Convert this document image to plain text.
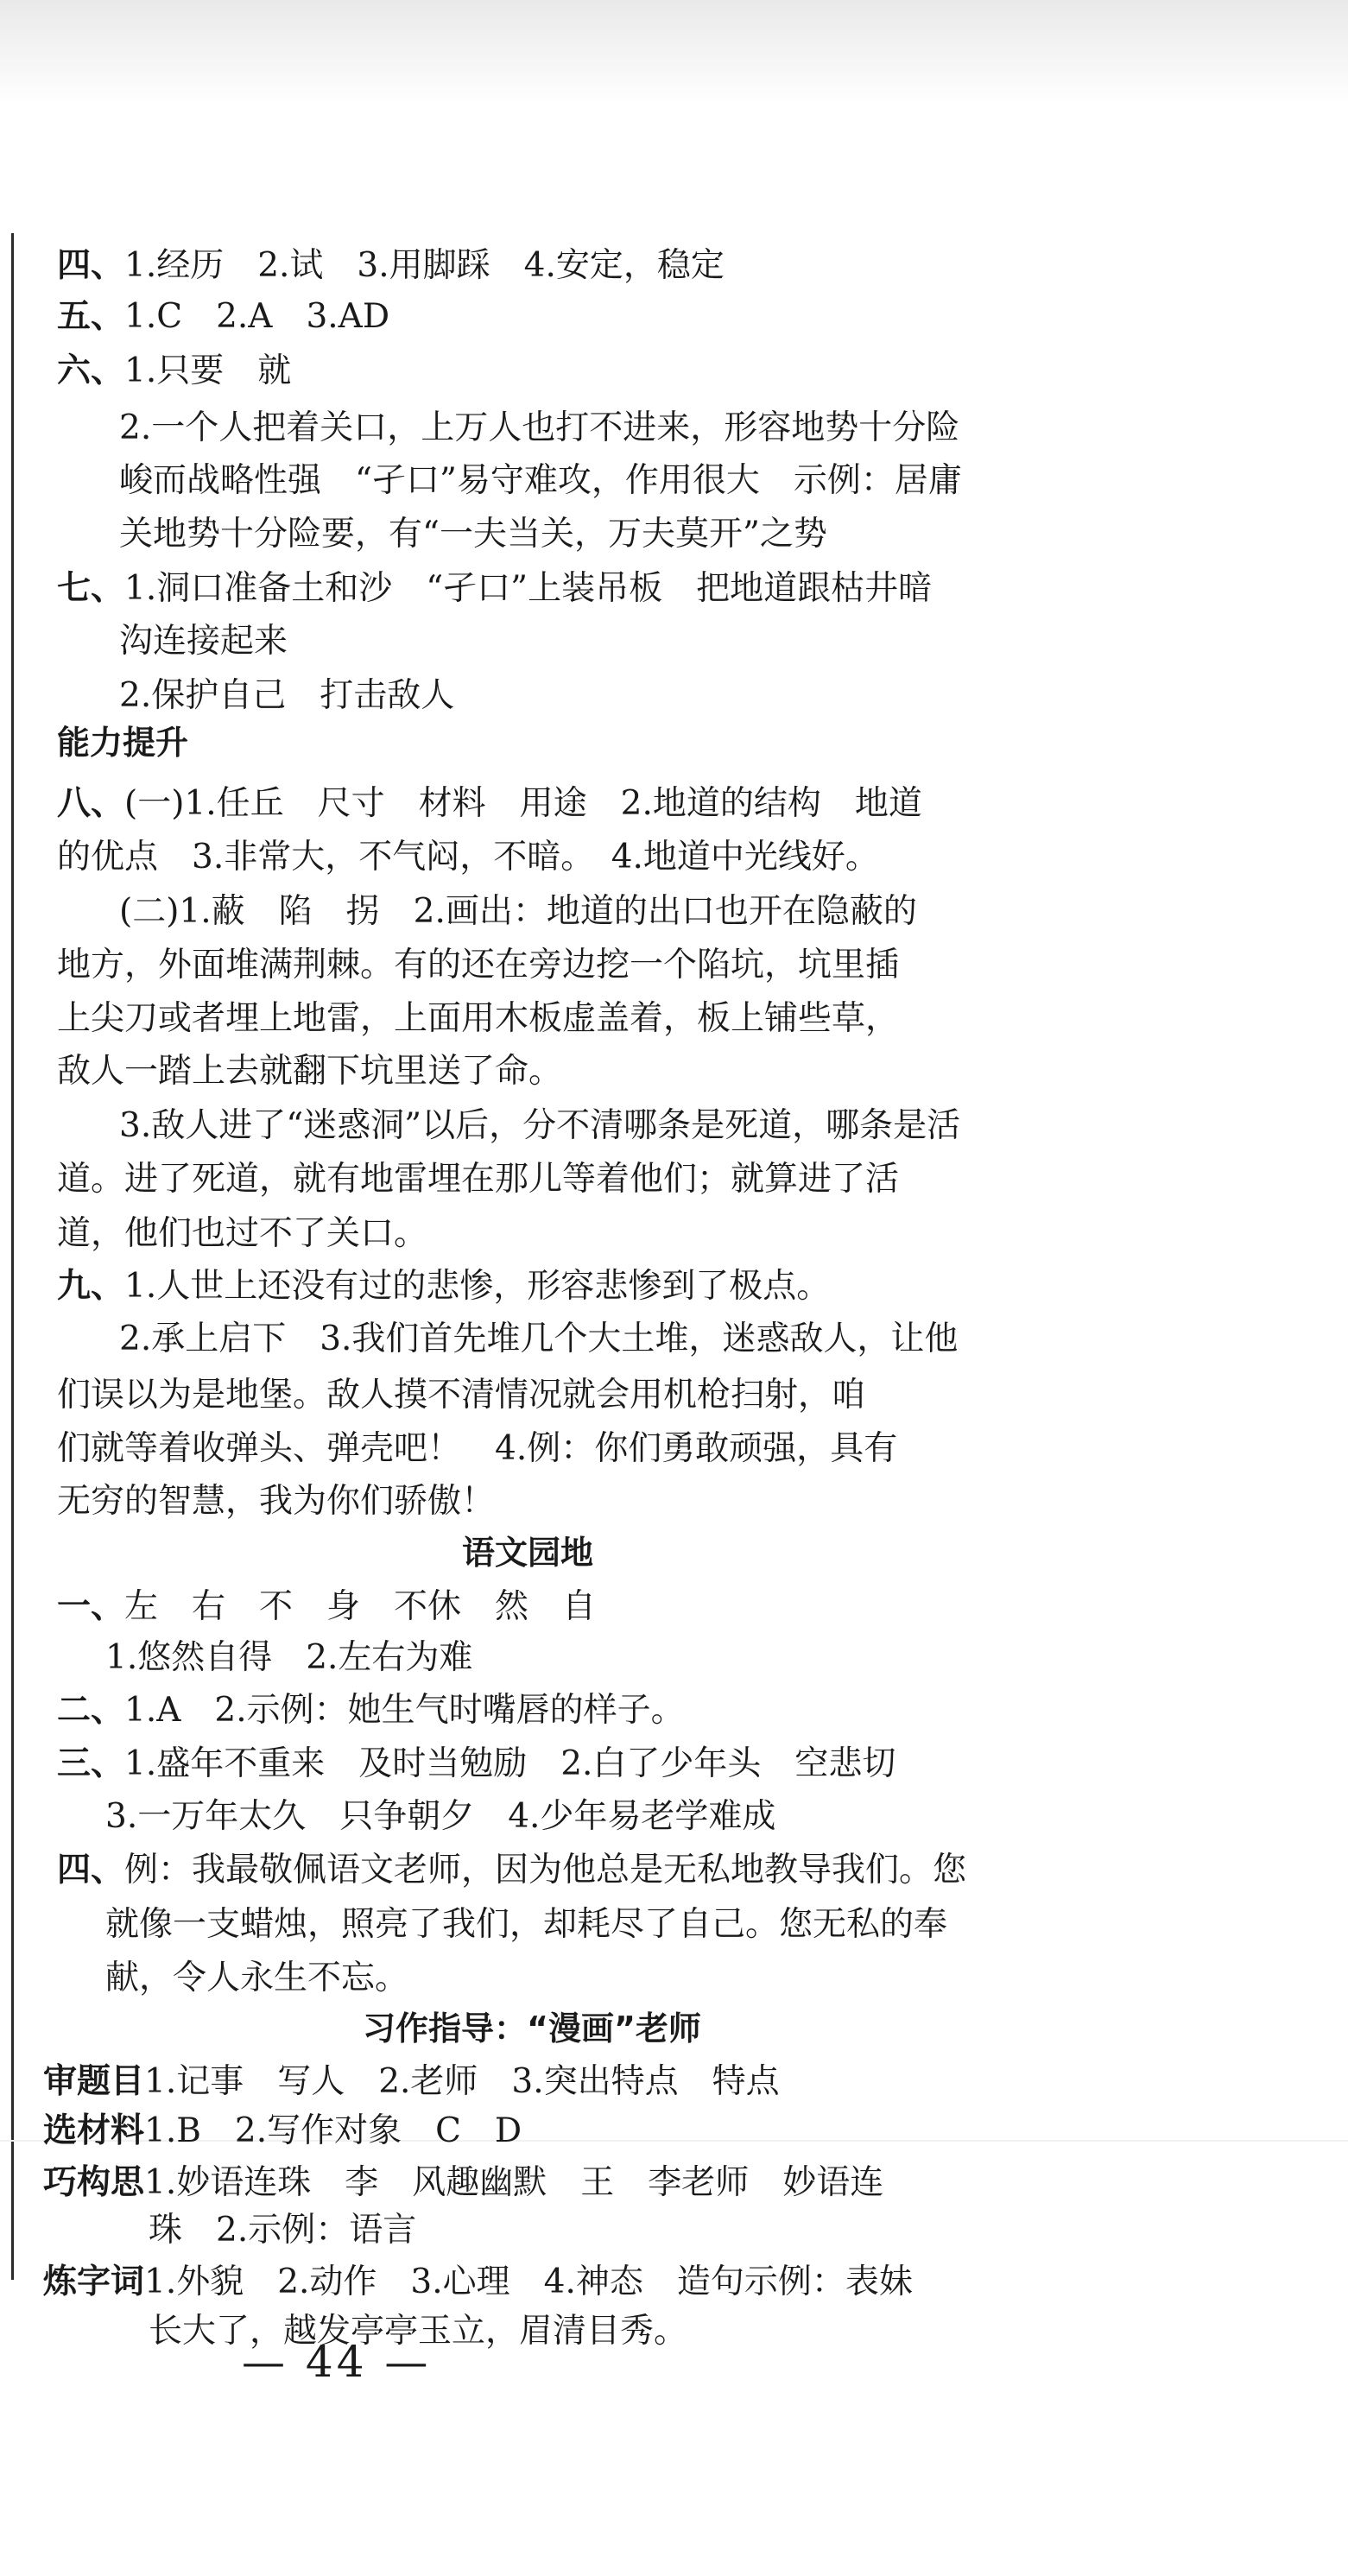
四、1.经历　2.试　3.用脚踩　4.安定，稳定
五、1.C　2.A　3.AD
六、1.只要　就
2.一个人把着关口，上万人也打不进来，形容地势十分险
峻而战略性强　“孑口”易守难攻，作用很大　示例：居庸
关地势十分险要，有“一夫当关，万夫莫开”之势
七、1.洞口准备土和沙　“孑口”上装吊板　把地道跟枯井暗
沟连接起来
2.保护自己　打击敌人
能力提升
八、(一)1.任丘　尺寸　材料　用途　2.地道的结构　地道
的优点　3.非常大，不气闷，不暗。　4.地道中光线好。
(二)1.蔽　陷　拐　2.画出：地道的出口也开在隐蔽的
地方，外面堆满荆棘。有的还在旁边挖一个陷坑，坑里插
上尖刀或者埋上地雷，上面用木板虚盖着，板上铺些草，
敌人一踏上去就翻下坑里送了命。
3.敌人进了“迷惑洞”以后，分不清哪条是死道，哪条是活
道。进了死道，就有地雷埋在那儿等着他们；就算进了活
道，他们也过不了关口。
九、1.人世上还没有过的悲惨，形容悲惨到了极点。
2.承上启下　3.我们首先堆几个大土堆，迷惑敌人，让他
们误以为是地堡。敌人摸不清情况就会用机枪扫射，咱
们就等着收弹头、弹壳吧！　4.例：你们勇敢顽强，具有
无穷的智慧，我为你们骄傲！
语文园地
一、左　右　不　身　不休　然　自
1.悠然自得　2.左右为难
二、1.A　2.示例：她生气时嘴唇的样子。
三、1.盛年不重来　及时当勉励　2.白了少年头　空悲切
3.一万年太久　只争朝夕　4.少年易老学难成
四、例：我最敬佩语文老师，因为他总是无私地教导我们。您
就像一支蜡烛，照亮了我们，却耗尽了自己。您无私的奉
献，令人永生不忘。
习作指导：“漫画”老师
审题目1.记事　写人　2.老师　3.突出特点　特点
选材料1.B　2.写作对象　C　D
巧构思1.妙语连珠　李　风趣幽默　王　李老师　妙语连
珠　2.示例：语言
炼字词1.外貌　2.动作　3.心理　4.神态　造句示例：表妹
长大了，越发亭亭玉立，眉清目秀。
— 44 —
